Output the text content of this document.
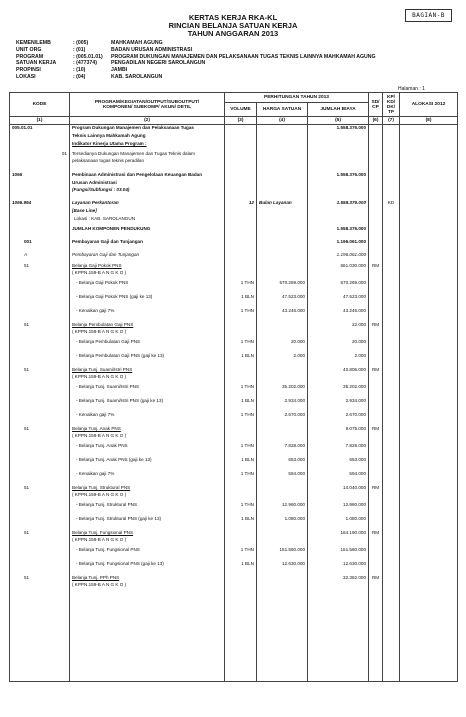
BAGIAN-B
KERTAS KERJA RKA-KL
RINCIAN BELANJA SATUAN KERJA
TAHUN ANGGARAN 2013
KEMEN/LEMB	: (005)	MAHKAMAH AGUNG
UNIT ORG	: (01)	BADAN URUSAN ADMINISTRASI
PROGRAM	: (005.01.01)	PROGRAM DUKUNGAN MANAJEMEN DAN PELAKSANAAN TUGAS TEKNIS LAINNYA MAHKAMAH AGUNG
SATUAN KERJA	: (477374)	PENGADILAN NEGERI SAROLANGUN
PROPINSI	: (10)	JAMBI
LOKASI	: (04)	KAB. SAROLANGUN
Halaman : 1
KODE	PROGRAM/KEGIATAN/OUTPUT/SUBOUTPUT/
KOMPONEN/ SUBKOMP/ AKUN/ DETIL	PERHITUNGAN TAHUN 2013			SD/ CP	KP/ KD/ DK/ TP	ALOKASI 2012
		VOLUME	HARGA SATUAN	JUMLAH BIAYA			
(1)	(2)	(3)	(4)	(5)	(6)	(7)	(8)
005.01.01	Program Dukungan Manajemen dan Pelaksanaan Tugas			1.558.376.000			
	Teknis Lainnya Mahkamah Agung						
	Indikator Kinerja Utama Program :						
01	Tersedianya Dukungan Manajemen dan Tugas Teknis dalam						
	pelaksanaan tugas teknis peradilan						
1066	Pembinaan Administrasi dan Pengelolaan Keuangan Badan			1.558.376.000			
	Urusan Administrasi						
	(Fungsi/Subfungsi : 03.04)						
1066.994	Layanan Perkantoran	12	Bulan Layanan	1.558.376.000		KD	
	[Base Line]						
	Lokasi : KAB. SAROLANGUN						
	JUMLAH KOMPONEN PENDUKUNG			1.558.376.000			
001	Pembayaran Gaji dan Tunjangan			1.196.061.000			
A	Pembayaran Gaji dan Tunjangan			1.196.061.000			
51	Belanja Gaji Pokok PNS			661.030.000	RM		
	( KPPN.159-B A N G K O )						
	- Belanja Gaji Pokok PNS	1 THN	570.269.000	570.269.000			
	- Belanja Gaji Pokok PNS (gaji ke 13)	1 BLN	47.523.000	47.523.000			
	- Kenaikan gaji 7%	1 THN	43.246.000	43.246.000			
51	Belanja Pembulatan Gaji PNS			22.000	RM		
	( KPPN.159-B A N G K O )						
	- Belanja Pembulatan Gaji PNS	1 THN	20.000	20.000			
	- Belanja Pembulatan Gaji PNS (gaji ke 13)	1 BLN	2.000	2.000			
51	Belanja Tunj. Suami/Istri PNS			40.806.000	RM		
	( KPPN.159-B A N G K O )						
	- Belanja Tunj. Suami/Istri PNS	1 THN	35.202.000	35.202.000			
	- Belanja Tunj. Suami/Istri PNS (gaji ke 13)	1 BLN	2.934.000	2.934.000			
	- Kenaikan gaji 7%	1 THN	2.670.000	2.670.000			
51	Belanja Tunj. Anak PNS			9.075.000	RM		
	( KPPN.159-B A N G K O )						
	- Belanja Tunj. Anak PNS	1 THN	7.828.000	7.828.000			
	- Belanja Tunj. Anak PNS (gaji ke 13)	1 BLN	653.000	653.000			
	- Kenaikan gaji 7%	1 THN	594.000	594.000			
51	Belanja Tunj. Struktural PNS			14.040.000	RM		
	( KPPN.159-B A N G K O )						
	- Belanja Tunj. Struktural PNS	1 THN	12.960.000	12.960.000			
	- Belanja Tunj. Struktural PNS (gaji ke 13)	1 BLN	1.080.000	1.080.000			
51	Belanja Tunj. Fungsional PNS			164.190.000	RM		
	( KPPN.159-B A N G K O )						
	- Belanja Tunj. Fungsional PNS	1 THN	151.560.000	151.560.000			
	- Belanja Tunj. Fungsional PNS (gaji ke 13)	1 BLN	12.630.000	12.630.000			
51	Belanja Tunj. PPh PNS			32.362.000	RM		
	( KPPN.159-B A N G K O )						
